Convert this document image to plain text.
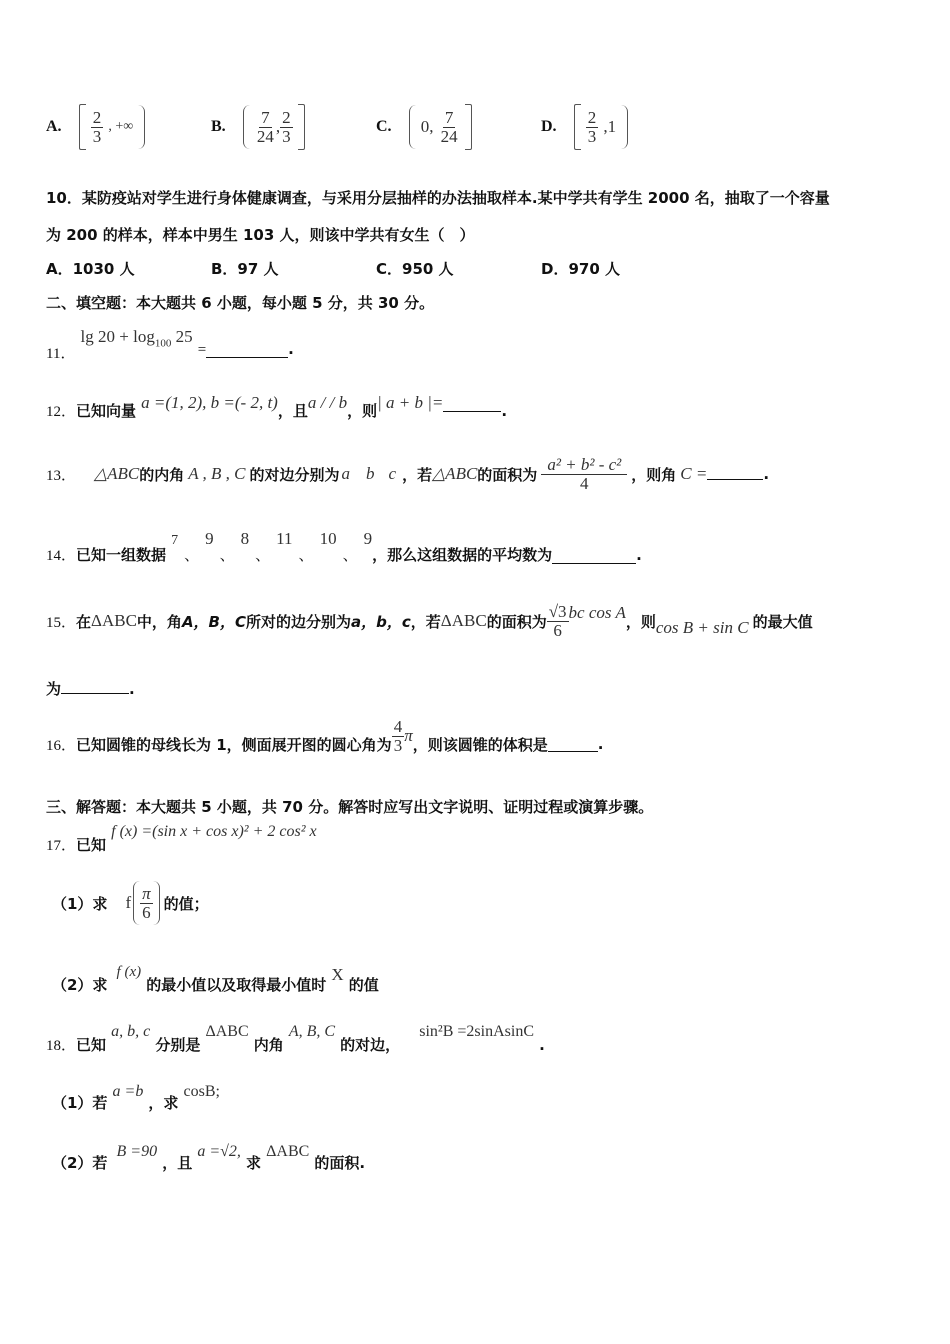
A. $\frac{2}{3}$ , +∞	B. $\frac{7}{24}$ , $\frac{2}{3}$
	C. 0, $\frac{7}{24}$
	D. $\frac{2}{3} ,1$
10．某防疫站对学生进行身体健康调查，与采用分层抽样的办法抽取样本.某中学共有学生 2000 名，抽取了一个容量
为 200 的样本，样本中男生 103 人，则该中学共有女生（　）
A．1030 人	B．97 人	C．950 人	D．970 人
二、填空题：本大题共 6 小题，每小题 5 分，共 30 分。
11． $\lg 20 + \log_{100} 25$ =	.
12．已知向量 a =(1, 2), b =(- 2, t)，且a / / b，则| a + b |=	.
13． △ABC 的内角 A , B , C 的对边分别为 a b c ，若 △ABC 的面积为 $\frac{\text{a² + b² - c²}}{4}$ ，则角 C =	.
14．已知一组数据 7、9、8、11、10、9，那么这组数据的平均数为	.
15． 在 ΔABC 中，角 A，B，C 所对的边分别为 a，b，c ，若 ΔABC 的面积为 $\frac{√3}{6}$ bc cos A ，则 cos B + sin C 的最大值
为	.
16． 已知圆锥的母线长为 1，侧面展开图的圆心角为 $\frac{4}{3}$ π ，则该圆锥的体积是	.
三、解答题：本大题共 5 小题，共 70 分。解答时应写出文字说明、证明过程或演算步骤。
17．已知 f (x) =(sin x + cos x)² + 2 cos² x
（1）求 f $\frac{\pi}{6}$ 的值；
（2）求 f (x) 的最小值以及取得最小值时 X 的值
18．已知 a, b, c 分别是 ΔABC 内角 A, B, C 的对边， sin²B =2sinAsinC .
（1）若 a =b ，求 cosB;
（2）若 B =90 ，且 a =√2, 求 ΔABC 的面积.
